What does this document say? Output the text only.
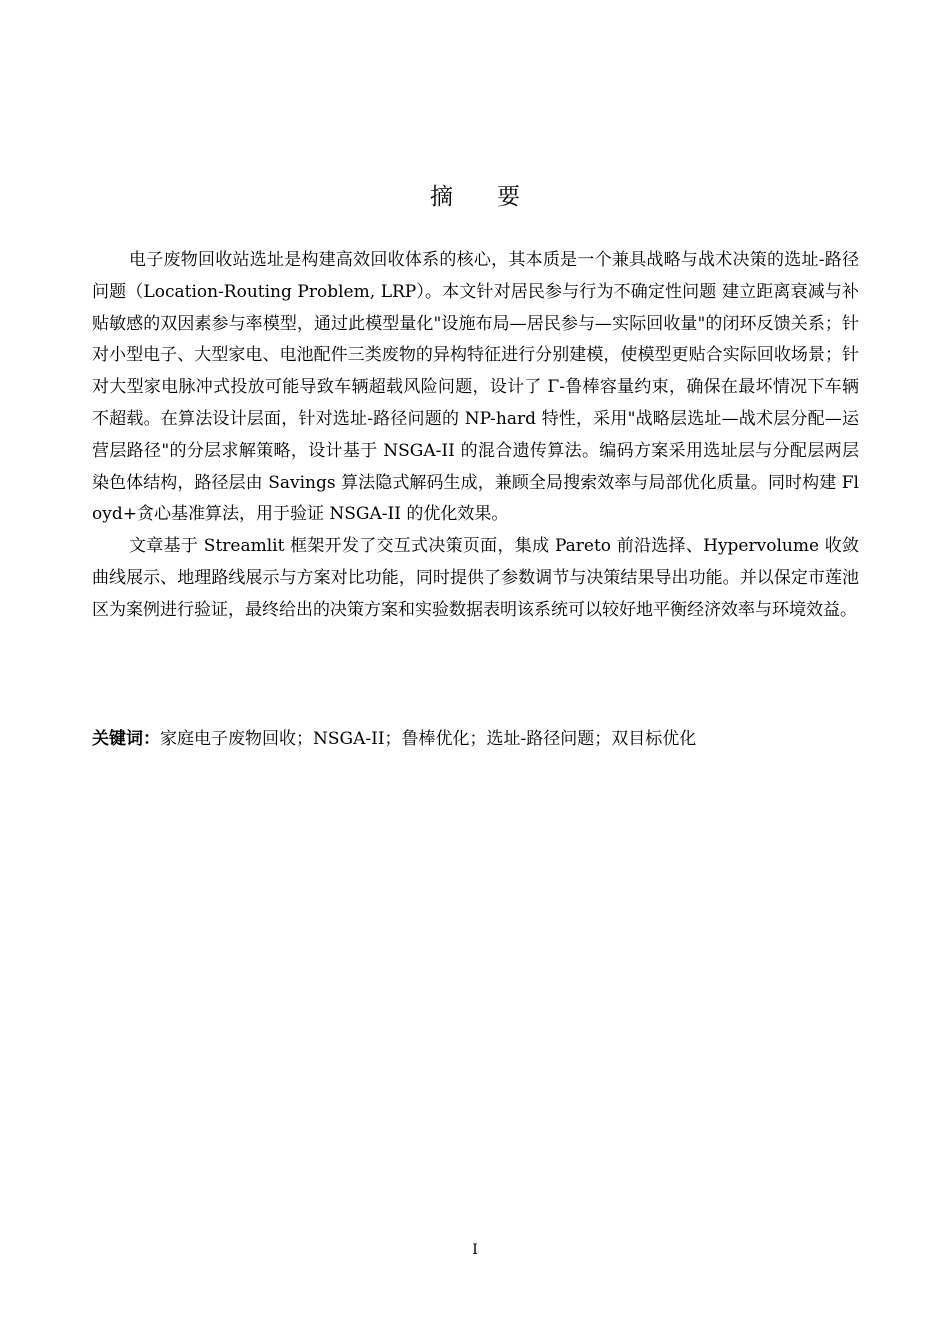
摘要

电子废物回收站选址是构建高效回收体系的核心，其本质是一个兼具战略与战术决策的选址-路径问题（Location-Routing Problem, LRP）。本文针对居民参与行为不确定性问题 建立距离衰减与补贴敏感的双因素参与率模型，通过此模型量化"设施布局—居民参与—实际回收量"的闭环反馈关系；针对小型电子、大型家电、电池配件三类废物的异构特征进行分别建模，使模型更贴合实际回收场景；针对大型家电脉冲式投放可能导致车辆超载风险问题，设计了 Γ-鲁棒容量约束，确保在最坏情况下车辆不超载。在算法设计层面，针对选址-路径问题的 NP-hard 特性，采用"战略层选址—战术层分配—运营层路径"的分层求解策略，设计基于 NSGA-II 的混合遗传算法。编码方案采用选址层与分配层两层染色体结构，路径层由 Savings 算法隐式解码生成，兼顾全局搜索效率与局部优化质量。同时构建 Floyd+贪心基准算法，用于验证 NSGA-II 的优化效果。

文章基于 Streamlit 框架开发了交互式决策页面，集成 Pareto 前沿选择、Hypervolume 收敛曲线展示、地理路线展示与方案对比功能，同时提供了参数调节与决策结果导出功能。并以保定市莲池区为案例进行验证，最终给出的决策方案和实验数据表明该系统可以较好地平衡经济效率与环境效益。

关键词：家庭电子废物回收；NSGA-II；鲁棒优化；选址-路径问题；双目标优化

I
